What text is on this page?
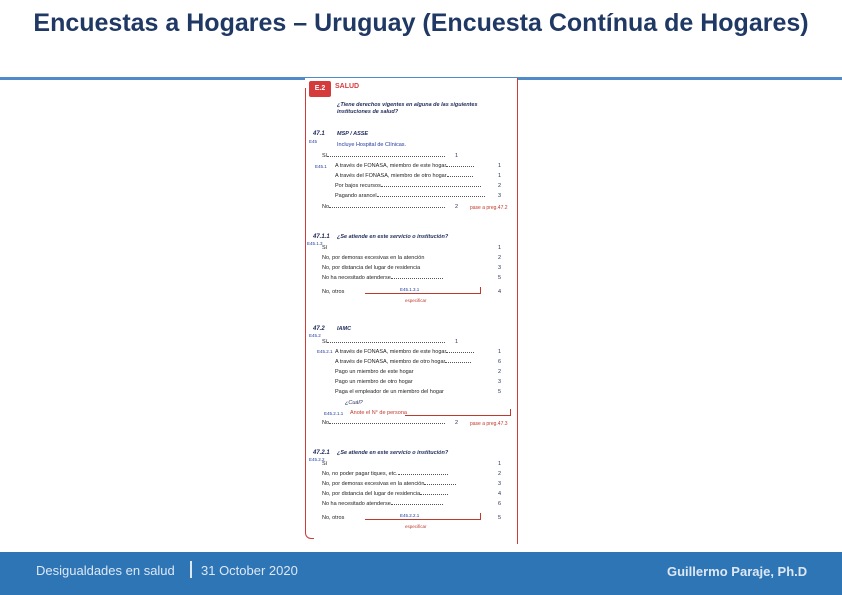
Encuestas a Hogares – Uruguay (Encuesta Contínua de Hogares)
E.2	SALUD
¿Tiene derechos vigentes en alguna de las siguientes instituciones de salud?
47.1
E45
MSP / ASSE
Incluye Hospital de Clínicas.
Sí	1
E45.1 A través de FONASA, miembro de este hogar	1
A través del FONASA, miembro de otro hogar	1
Por bajos recursos	2
Pagando arancel	3
No	2 pase a preg.47.2
47.1.1
E45.1.3
¿Se atiende en este servicio o institución?
Sí	1
No, por demoras excesivas en la atención	2
No, por distancia del lugar de residencia	3
No ha necesitado atenderse	5
No, otros	E45.1.3.1	4
especificar
47.2
E45.2
IAMC
Sí	1
E45.2.1 A través de FONASA, miembro de este hogar	1
A través de FONASA, miembro de otro hogar	6
Pago un miembro de este hogar	2
Pago un miembro de otro hogar	3
Paga el empleador de un miembro del hogar	5
¿Cuál?
E45.2.1.1 Anote el N° de persona
No	2 pase a preg.47.3
47.2.1
E45.2.2
¿Se atiende en este servicio o institución?
Sí	1
No, no poder pagar tiques, etc.	2
No, por demoras excesivas en la atención	3
No, por distancia del lugar de residencia	4
No ha necesitado atenderse	6
No, otros	E45.2.2.1	5
especificar
Desigualdades en salud 31 October 2020	Guillermo Paraje, Ph.D
